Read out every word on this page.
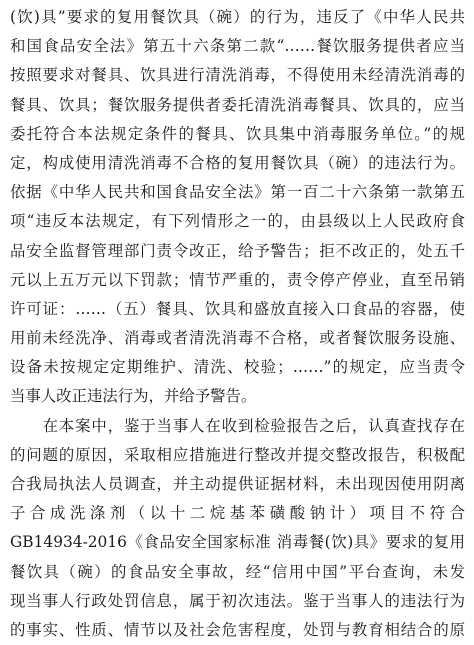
(饮)具”要求的复用餐饮具（碗）的行为，违反了《中华人民共
和国食品安全法》第五十六条第二款“……餐饮服务提供者应当
按照要求对餐具、饮具进行清洗消毒，不得使用未经清洗消毒的
餐具、饮具；餐饮服务提供者委托清洗消毒餐具、饮具的，应当
委托符合本法规定条件的餐具、饮具集中消毒服务单位。”的规
定，构成使用清洗消毒不合格的复用餐饮具（碗）的违法行为。
依据《中华人民共和国食品安全法》第一百二十六条第一款第五
项“违反本法规定，有下列情形之一的，由县级以上人民政府食
品安全监督管理部门责令改正，给予警告；拒不改正的，处五千
元以上五万元以下罚款；情节严重的，责令停产停业，直至吊销
许可证：……（五）餐具、饮具和盛放直接入口食品的容器，使
用前未经洗净、消毒或者清洗消毒不合格，或者餐饮服务设施、
设备未按规定定期维护、清洗、校验；……”的规定，应当责令
当事人改正违法行为，并给予警告。
　　在本案中，鉴于当事人在收到检验报告之后，认真查找存在
的问题的原因，采取相应措施进行整改并提交整改报告，积极配
合我局执法人员调查，并主动提供证据材料，未出现因使用阴离
子合成洗涤剂（以十二烷基苯磺酸钠计）项目不符合
GB14934-2016《食品安全国家标准 消毒餐(饮)具》要求的复用
餐饮具（碗）的食品安全事故，经“信用中国”平台查询，未发
现当事人行政处罚信息，属于初次违法。鉴于当事人的违法行为
的事实、性质、情节以及社会危害程度，处罚与教育相结合的原
